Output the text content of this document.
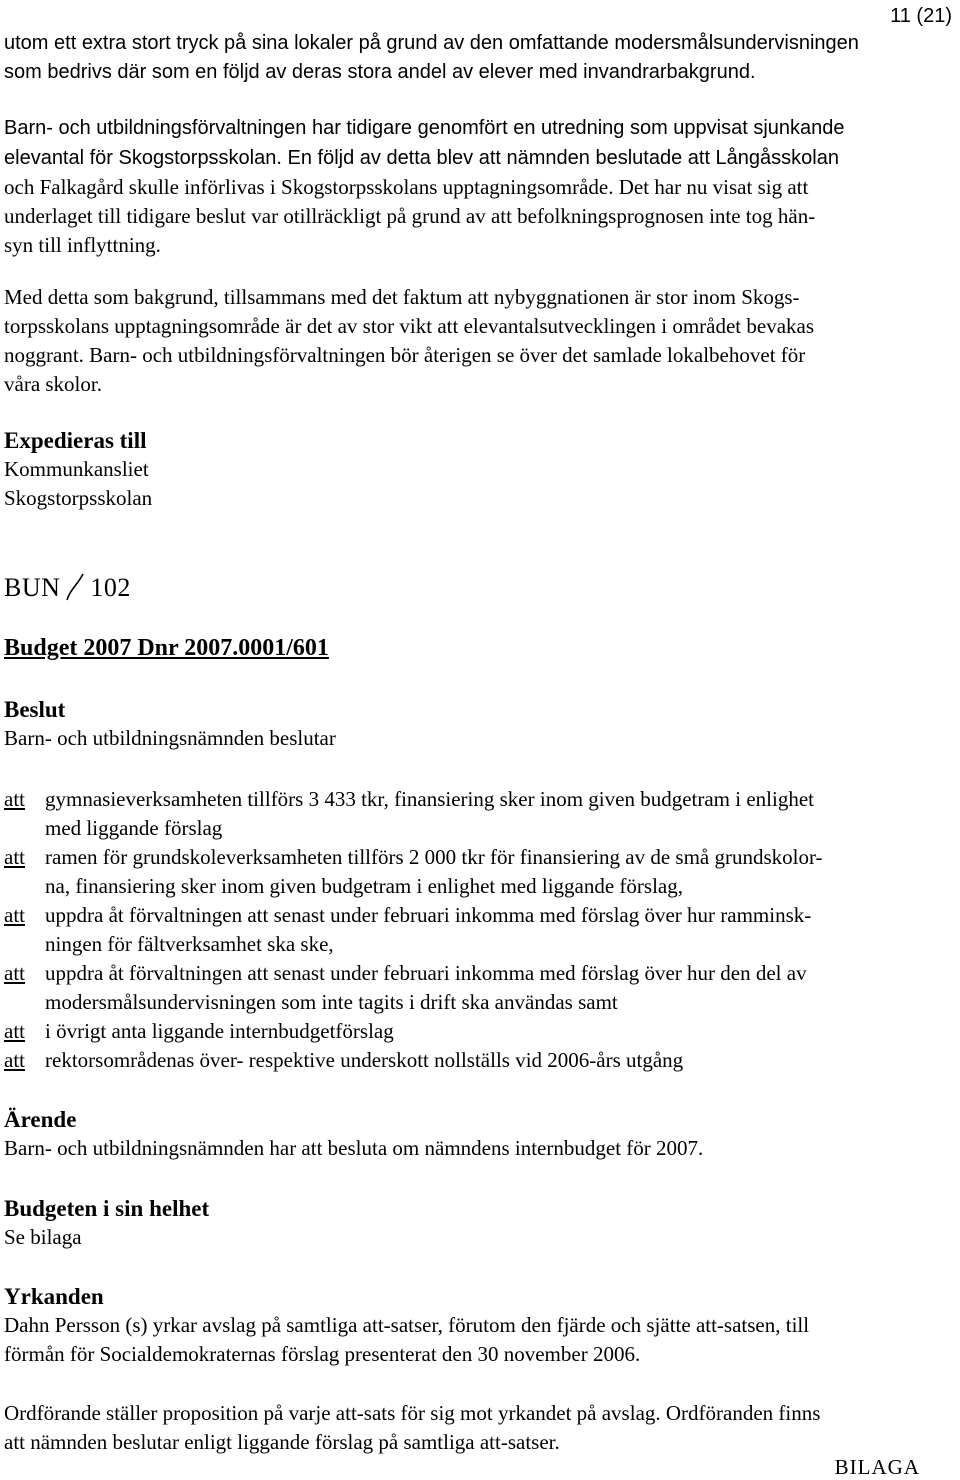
11 (21)

utom ett extra stort tryck på sina lokaler på grund av den omfattande modersmålsundervisningen

som bedrivs där som en följd av deras stora andel av elever med invandrarbakgrund.

Barn- och utbildningsförvaltningen har tidigare genomfört en utredning som uppvisat sjunkande

elevantal för Skogstorpsskolan. En följd av detta blev att nämnden beslutade att Långåsskolan

och Falkagård skulle införlivas i Skogstorpsskolans upptagningsområde. Det har nu visat sig att

underlaget till tidigare beslut var otillräckligt på grund av att befolkningsprognosen inte tog hän-

syn till inflyttning.

Med detta som bakgrund, tillsammans med det faktum att nybyggnationen är stor inom Skogs-

torpsskolans upptagningsområde är det av stor vikt att elevantalsutvecklingen i området bevakas

noggrant. Barn- och utbildningsförvaltningen bör återigen se över det samlade lokalbehovet för

våra skolor.

Expedieras till

Kommunkansliet

Skogstorpsskolan

BUN 102
Budget 2007 Dnr 2007.0001/601

Beslut

Barn- och utbildningsnämnden beslutar

att gymnasieverksamheten tillförs 3 433 tkr, finansiering sker inom given budgetram i enlighet
med liggande förslag
att ramen för grundskoleverksamheten tillförs 2 000 tkr för finansiering av de små grundskolor-
na, finansiering sker inom given budgetram i enlighet med liggande förslag,
att uppdra åt förvaltningen att senast under februari inkomma med förslag över hur ramminsk-
ningen för fältverksamhet ska ske,
att uppdra åt förvaltningen att senast under februari inkomma med förslag över hur den del av
modersmålsundervisningen som inte tagits i drift ska användas samt
att i övrigt anta liggande internbudgetförslag
att rektorsområdenas över- respektive underskott nollställs vid 2006-års utgång

Ärende

Barn- och utbildningsnämnden har att besluta om nämndens internbudget för 2007.

Budgeten i sin helhet

Se bilaga

Yrkanden

Dahn Persson (s) yrkar avslag på samtliga att-satser, förutom den fjärde och sjätte att-satsen, till

förmån för Socialdemokraternas förslag presenterat den 30 november 2006.

Ordförande ställer proposition på varje att-sats för sig mot yrkandet på avslag. Ordföranden finns

att nämnden beslutar enligt liggande förslag på samtliga att-satser.

BILAGA
